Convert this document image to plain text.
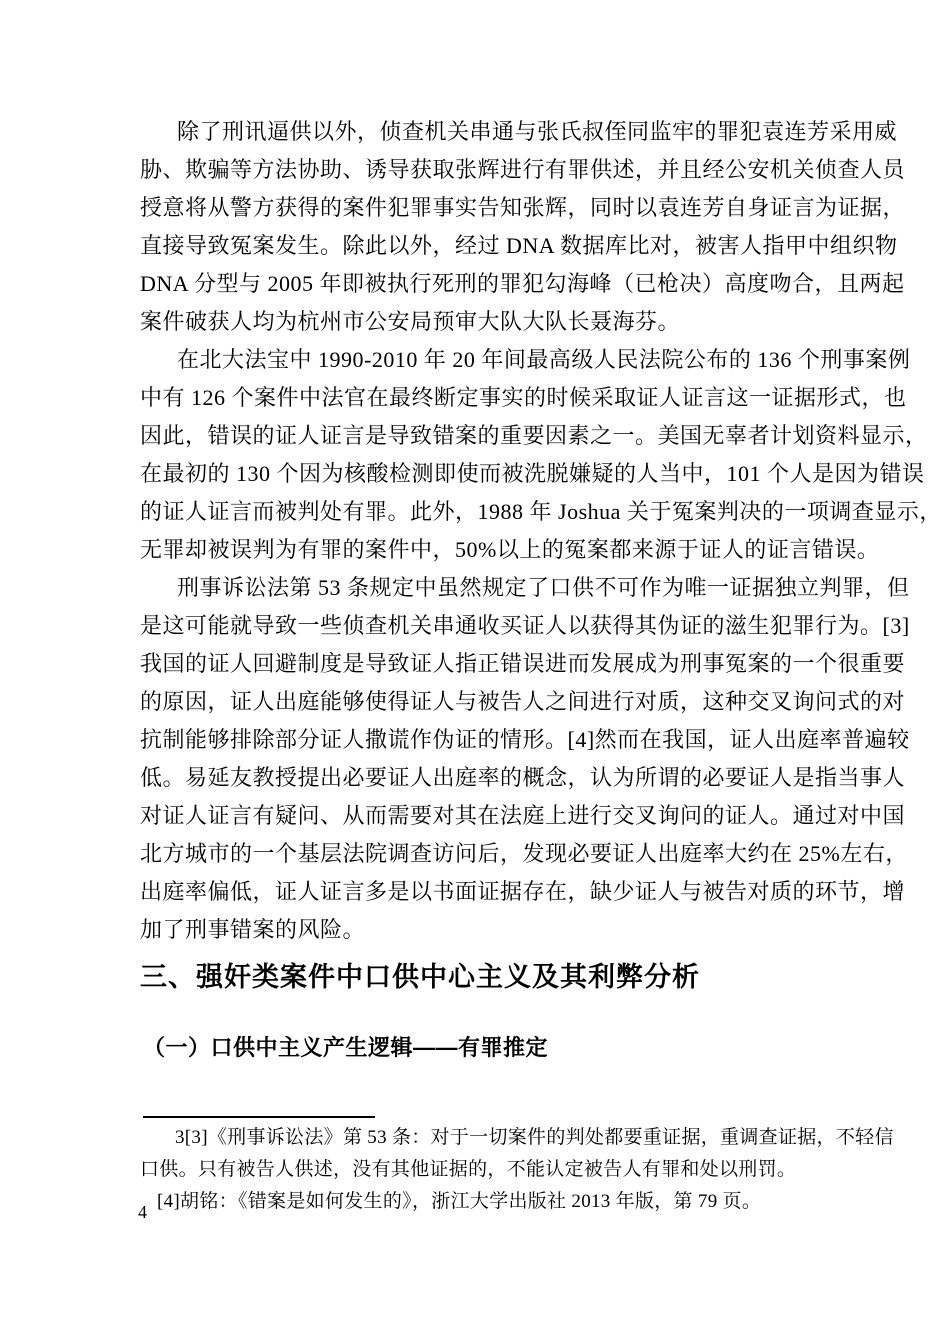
除了刑讯逼供以外，侦查机关串通与张氏叔侄同监牢的罪犯袁连芳采用威
胁、欺骗等方法协助、诱导获取张辉进行有罪供述，并且经公安机关侦查人员
授意将从警方获得的案件犯罪事实告知张辉，同时以袁连芳自身证言为证据，
直接导致冤案发生。除此以外，经过 DNA 数据库比对，被害人指甲中组织物
DNA 分型与 2005 年即被执行死刑的罪犯勾海峰（已枪决）高度吻合，且两起
案件破获人均为杭州市公安局预审大队大队长聂海芬。
在北大法宝中 1990-2010 年 20 年间最高级人民法院公布的 136 个刑事案例
中有 126 个案件中法官在最终断定事实的时候采取证人证言这一证据形式，也
因此，错误的证人证言是导致错案的重要因素之一。美国无辜者计划资料显示，
在最初的 130 个因为核酸检测即使而被洗脱嫌疑的人当中，101 个人是因为错误
的证人证言而被判处有罪。此外，1988 年 Joshua 关于冤案判决的一项调查显示，
无罪却被误判为有罪的案件中，50%以上的冤案都来源于证人的证言错误。
刑事诉讼法第 53 条规定中虽然规定了口供不可作为唯一证据独立判罪，但
是这可能就导致一些侦查机关串通收买证人以获得其伪证的滋生犯罪行为。[3]
我国的证人回避制度是导致证人指正错误进而发展成为刑事冤案的一个很重要
的原因，证人出庭能够使得证人与被告人之间进行对质，这种交叉询问式的对
抗制能够排除部分证人撒谎作伪证的情形。[4]然而在我国，证人出庭率普遍较
低。易延友教授提出必要证人出庭率的概念，认为所谓的必要证人是指当事人
对证人证言有疑问、从而需要对其在法庭上进行交叉询问的证人。通过对中国
北方城市的一个基层法院调查访问后，发现必要证人出庭率大约在 25%左右，
出庭率偏低，证人证言多是以书面证据存在，缺少证人与被告对质的环节，增
加了刑事错案的风险。
三、强奸类案件中口供中心主义及其利弊分析
（一）口供中主义产生逻辑——有罪推定
3[3]《刑事诉讼法》第 53 条：对于一切案件的判处都要重证据，重调查证据，不轻信
口供。只有被告人供述，没有其他证据的，不能认定被告人有罪和处以刑罚。
[4]胡铭：《错案是如何发生的》，浙江大学出版社 2013 年版，第 79 页。
4
